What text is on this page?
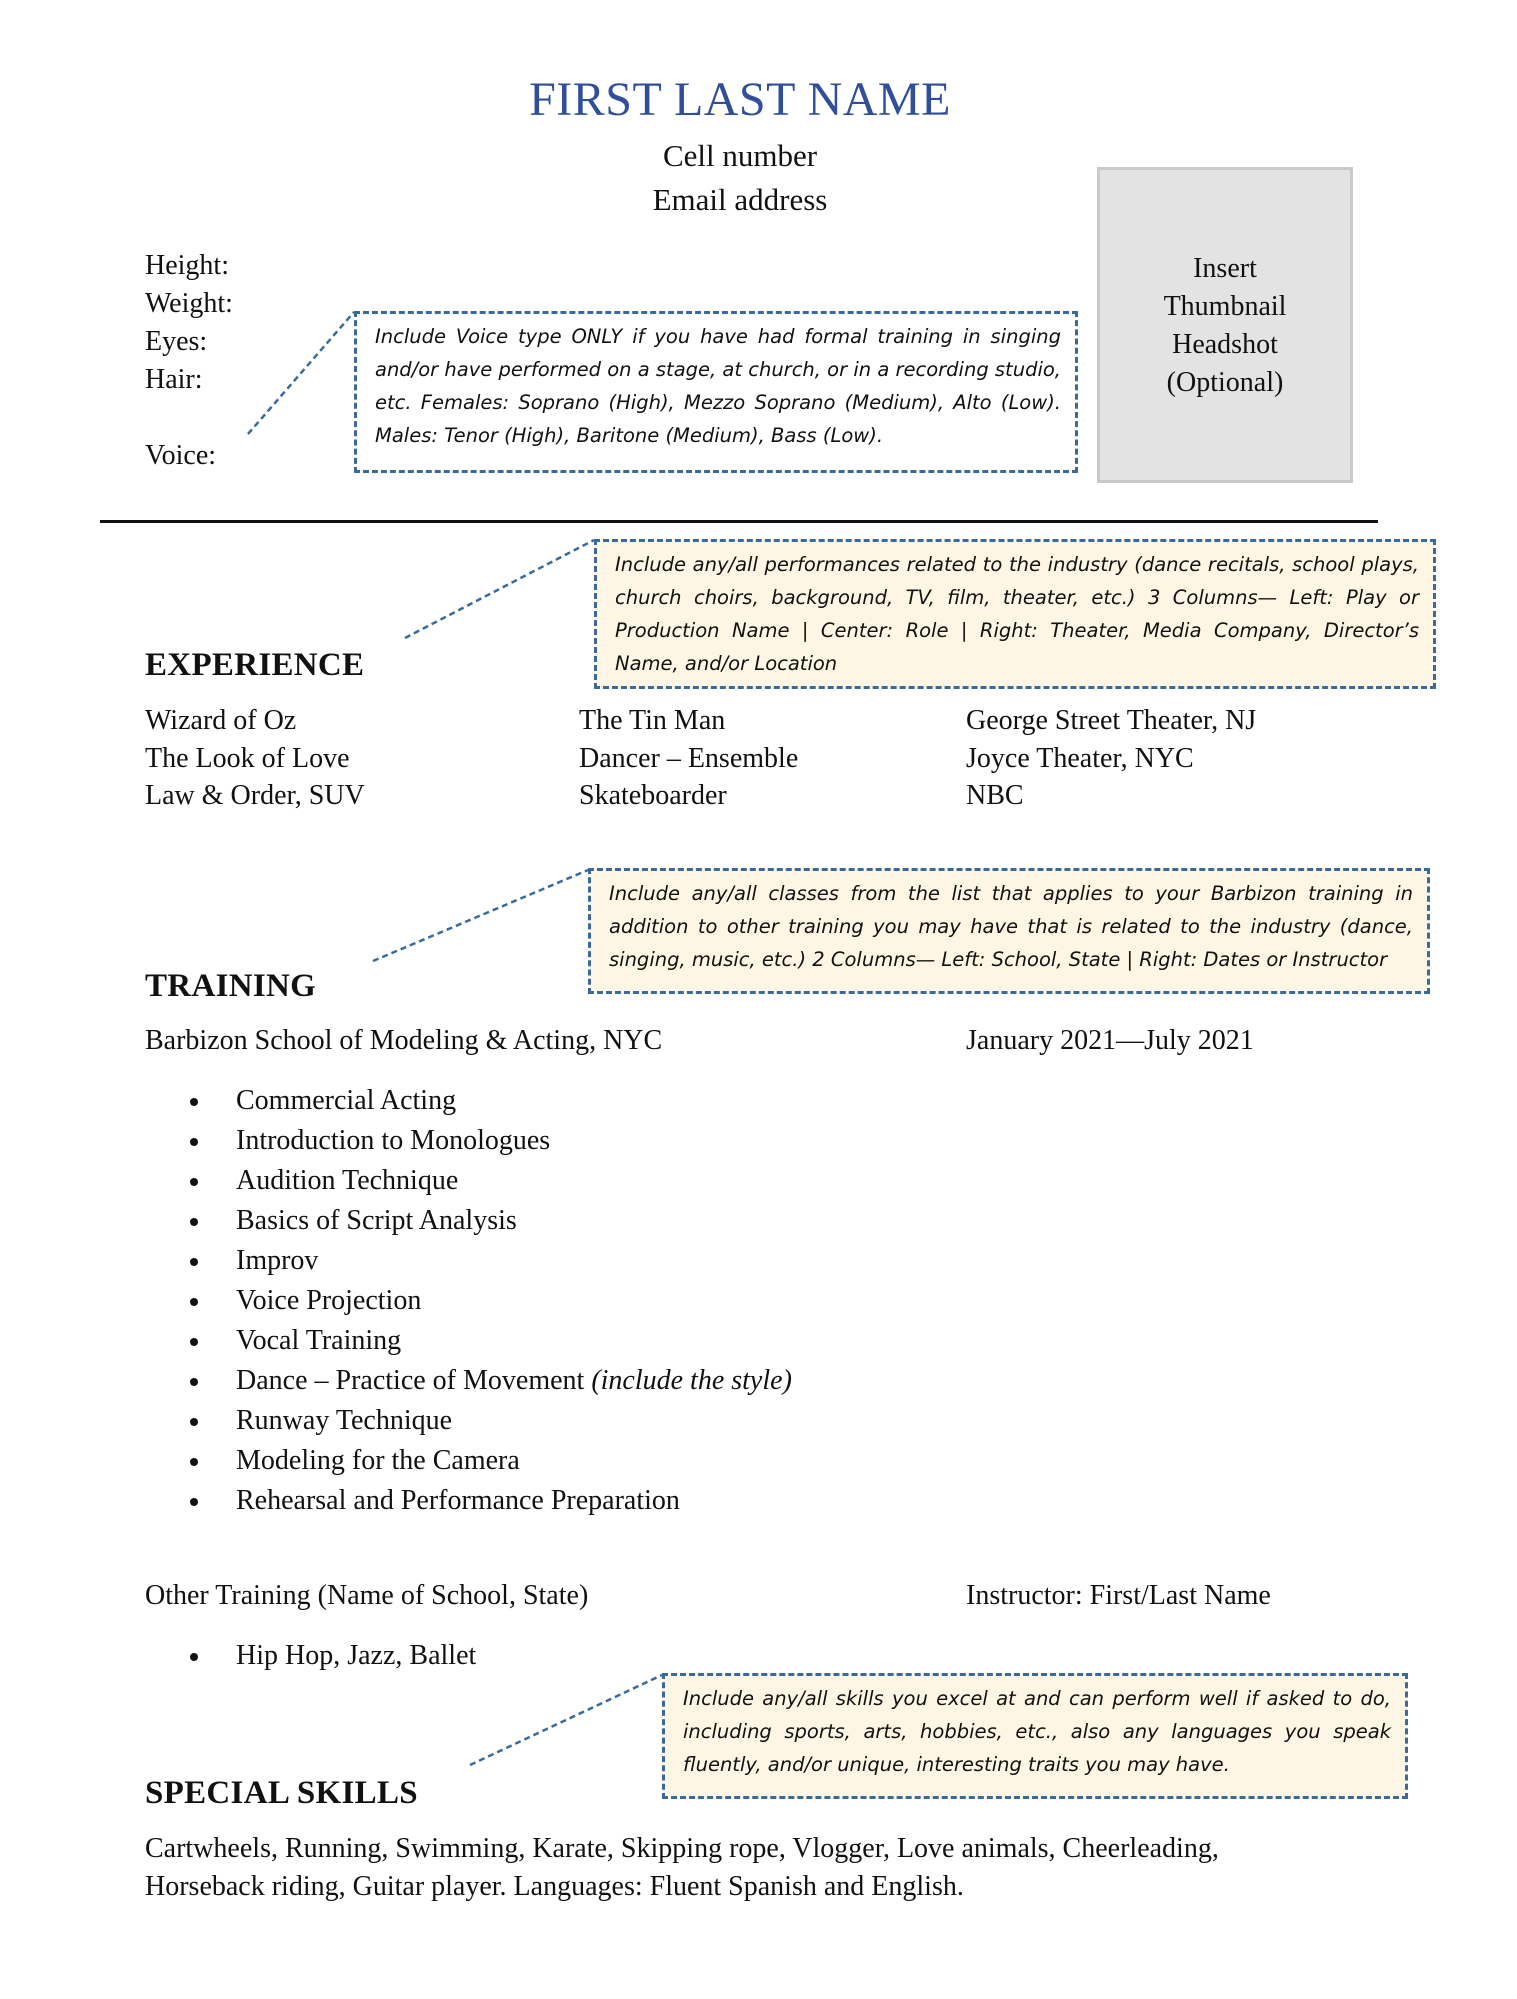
FIRST LAST NAME
Cell number
Email address
Height:
Weight:
Eyes:
Hair:
Voice:
Insert
Thumbnail
Headshot
(Optional)
Include Voice type ONLY if you have had formal training in singing and/or have performed on a stage, at church, or in a recording studio, etc. Females: Soprano (High), Mezzo Soprano (Medium), Alto (Low). Males: Tenor (High), Baritone (Medium), Bass (Low).
Include any/all performances related to the industry (dance recitals, school plays, church choirs, background, TV, film, theater, etc.) 3 Columns— Left: Play or Production Name | Center: Role | Right: Theater, Media Company, Director’s Name, and/or Location
EXPERIENCE
Wizard of Oz
The Look of Love
Law & Order, SUV
The Tin Man
Dancer – Ensemble
Skateboarder
George Street Theater, NJ
Joyce Theater, NYC
NBC
Include any/all classes from the list that applies to your Barbizon training in addition to other training you may have that is related to the industry (dance, singing, music, etc.) 2 Columns— Left: School, State | Right: Dates or Instructor
TRAINING
Barbizon School of Modeling & Acting, NYC	January 2021—July 2021
Commercial Acting
Introduction to Monologues
Audition Technique
Basics of Script Analysis
Improv
Voice Projection
Vocal Training
Dance – Practice of Movement (include the style)
Runway Technique
Modeling for the Camera
Rehearsal and Performance Preparation
Other Training (Name of School, State)	Instructor: First/Last Name
Hip Hop, Jazz, Ballet
Include any/all skills you excel at and can perform well if asked to do, including sports, arts, hobbies, etc., also any languages you speak fluently, and/or unique, interesting traits you may have.
SPECIAL SKILLS
Cartwheels, Running, Swimming, Karate, Skipping rope, Vlogger, Love animals, Cheerleading,
Horseback riding, Guitar player. Languages: Fluent Spanish and English.
